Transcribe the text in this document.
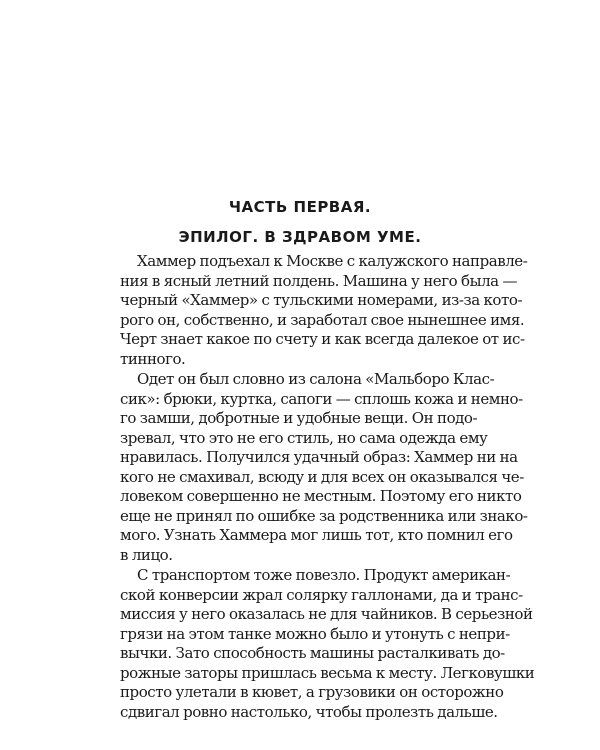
ЧАСТЬ ПЕРВАЯ.
ЭПИЛОГ. В ЗДРАВОМ УМЕ.
Хаммер подъехал к Москве с калужского направле-
ния в ясный летний полдень. Машина у него была —
черный «Хаммер» с тульскими номерами, из-за кото-
рого он, собственно, и заработал свое нынешнее имя.
Черт знает какое по счету и как всегда далекое от ис-
тинного.
Одет он был словно из салона «Мальборо Клас-
сик»: брюки, куртка, сапоги — сплошь кожа и немно-
го замши, добротные и удобные вещи. Он подо-
зревал, что это не его стиль, но сама одежда ему
нравилась. Получился удачный образ: Хаммер ни на
кого не смахивал, всюду и для всех он оказывался че-
ловеком совершенно не местным. Поэтому его никто
еще не принял по ошибке за родственника или знако-
мого. Узнать Хаммера мог лишь тот, кто помнил его
в лицо.
С транспортом тоже повезло. Продукт американ-
ской конверсии жрал солярку галлонами, да и транс-
миссия у него оказалась не для чайников. В серьезной
грязи на этом танке можно было и утонуть с непри-
вычки. Зато способность машины расталкивать до-
рожные заторы пришлась весьма к месту. Легковушки
просто улетали в кювет, а грузовики он осторожно
сдвигал ровно настолько, чтобы пролезть дальше.
